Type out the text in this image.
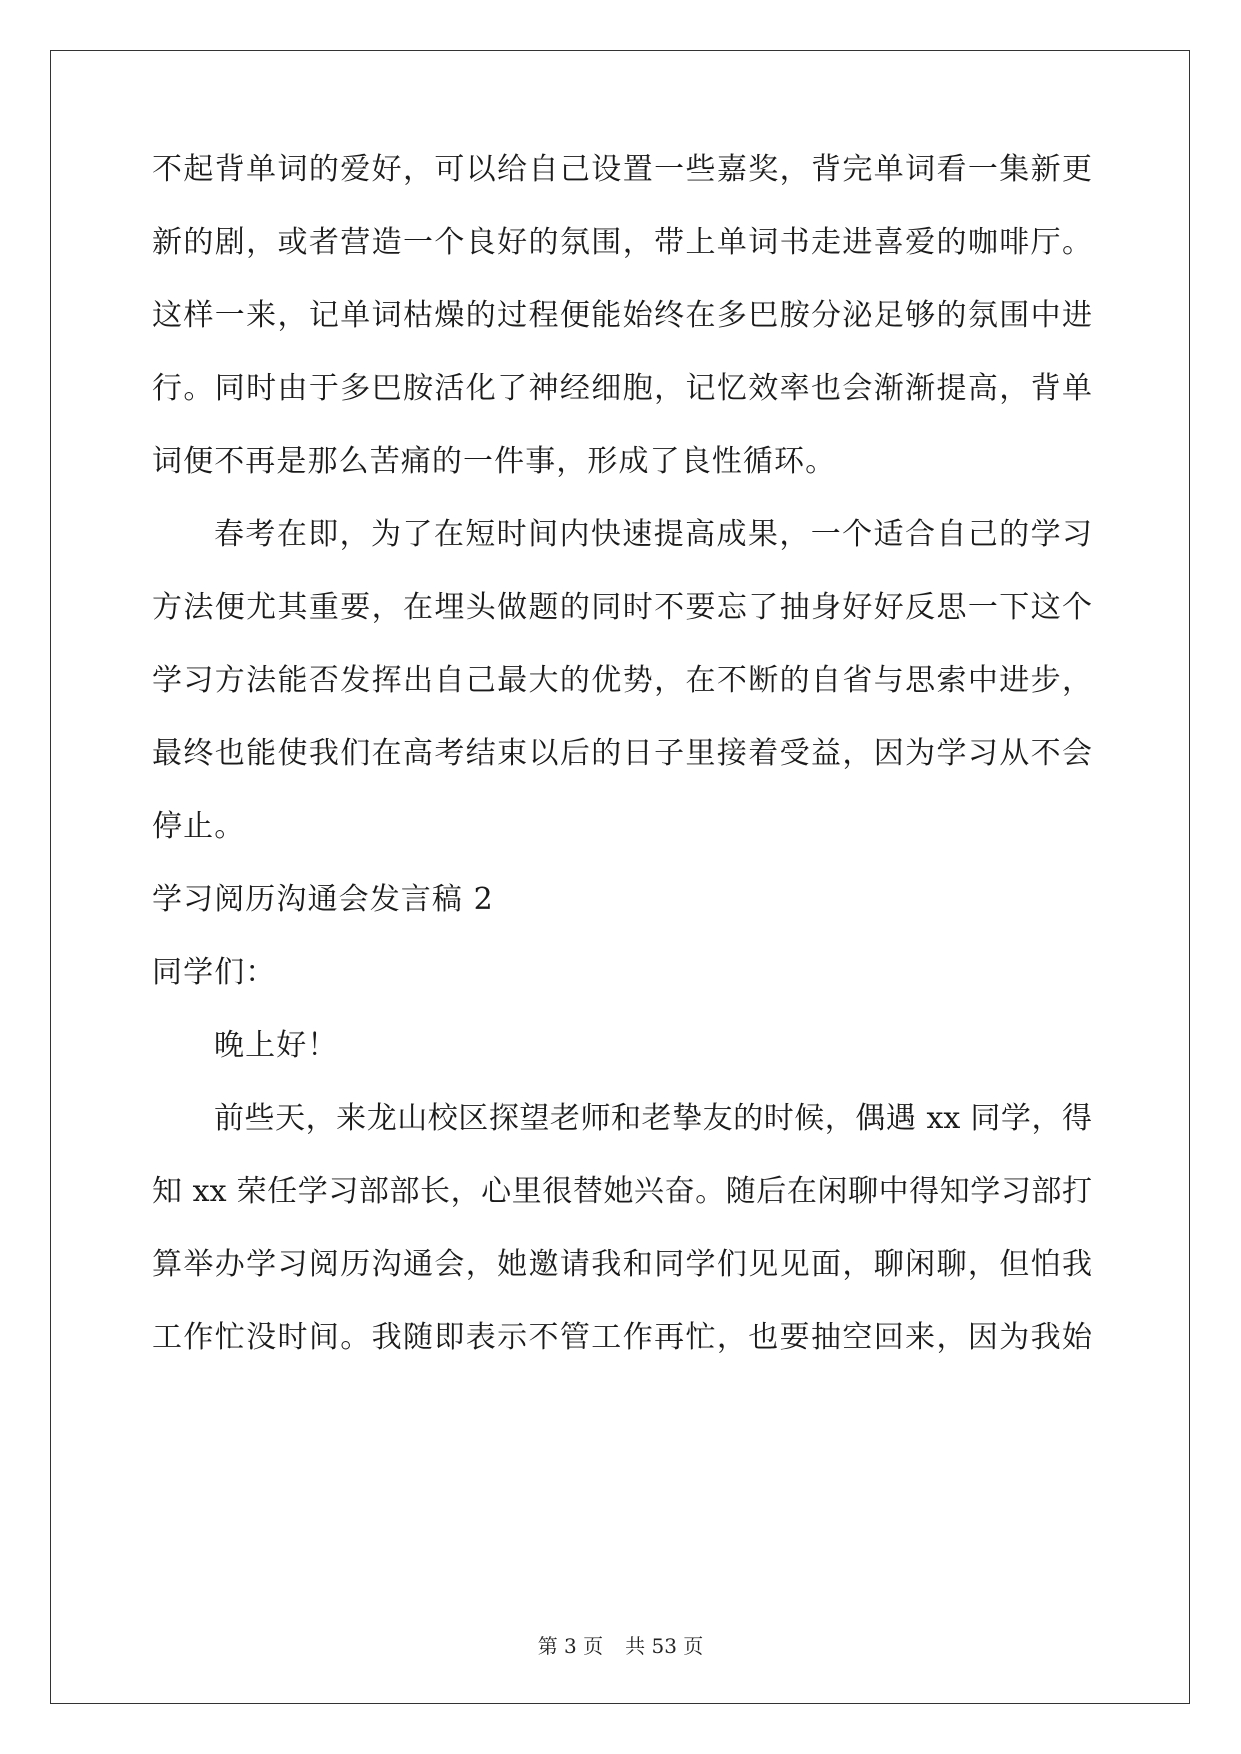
不起背单词的爱好，可以给自己设置一些嘉奖，背完单词看一集新更
新的剧，或者营造一个良好的氛围，带上单词书走进喜爱的咖啡厅。
这样一来，记单词枯燥的过程便能始终在多巴胺分泌足够的氛围中进
行。同时由于多巴胺活化了神经细胞，记忆效率也会渐渐提高，背单
词便不再是那么苦痛的一件事，形成了良性循环。
春考在即，为了在短时间内快速提高成果，一个适合自己的学习
方法便尤其重要，在埋头做题的同时不要忘了抽身好好反思一下这个
学习方法能否发挥出自己最大的优势，在不断的自省与思索中进步，
最终也能使我们在高考结束以后的日子里接着受益，因为学习从不会
停止。
学习阅历沟通会发言稿 2
同学们：
晚上好！
前些天，来龙山校区探望老师和老挚友的时候，偶遇 xx 同学，得
知 xx 荣任学习部部长，心里很替她兴奋。随后在闲聊中得知学习部打
算举办学习阅历沟通会，她邀请我和同学们见见面，聊闲聊，但怕我
工作忙没时间。我随即表示不管工作再忙，也要抽空回来，因为我始
第 3 页 共 53 页
